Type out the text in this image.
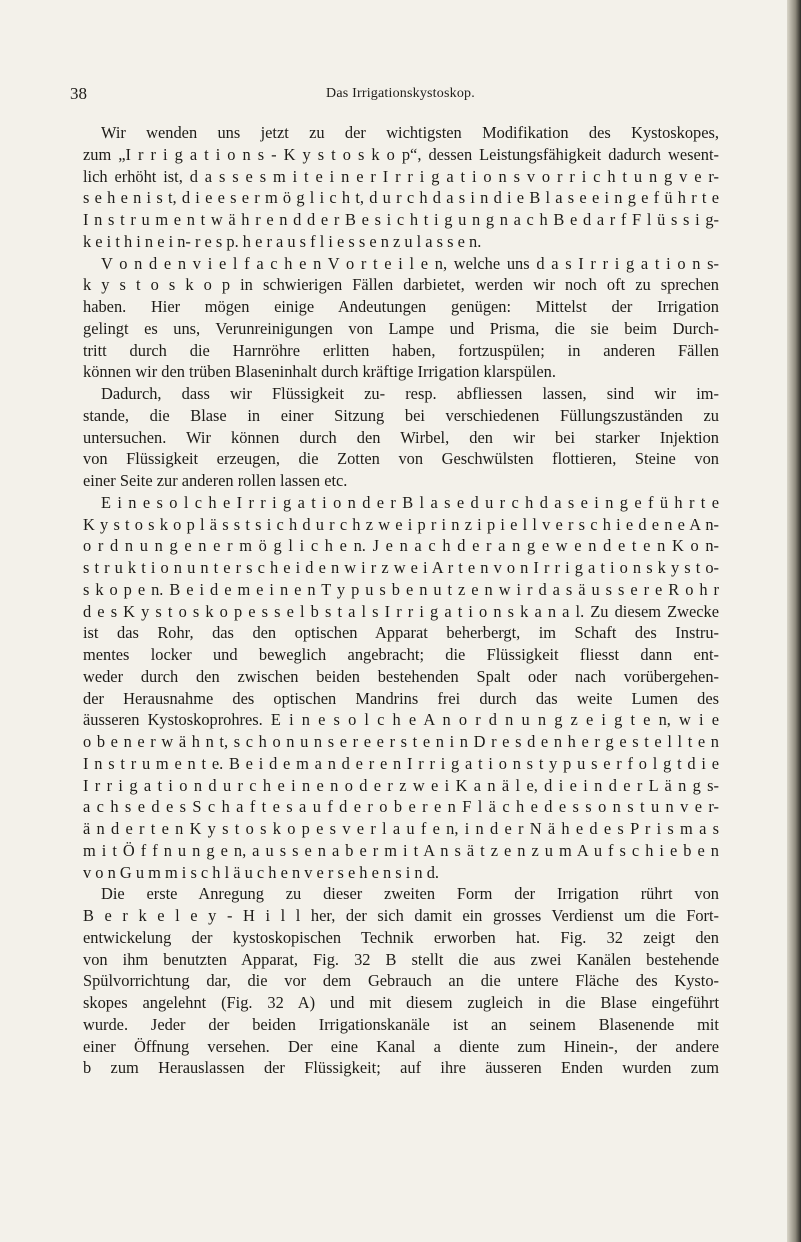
38	Das Irrigationskystoskop.
Wir wenden uns jetzt zu der wichtigsten Modifikation des Kystoskopes,
zum „I r r i g a t i o n s - K y s t o s k o p“, dessen Leistungsfähigkeit dadurch wesent-
lich erhöht ist, d a s s e s m i t e i n e r I r r i g a t i o n s v o r r i c h t u n g v e r-
s e h e n i s t, d i e e s e r m ö g l i c h t, d u r c h d a s i n d i e B l a s e e i n g e f ü h r t e
I n s t r u m e n t w ä h r e n d d e r B e s i c h t i g u n g n a c h B e d a r f F l ü s s i g-
k e i t h i n e i n- r e s p. h e r a u s f l i e s s e n z u l a s s e n.
V o n d e n v i e l f a c h e n V o r t e i l e n, welche uns d a s I r r i g a t i o n s-
k y s t o s k o p in schwierigen Fällen darbietet, werden wir noch oft zu sprechen
haben. Hier mögen einige Andeutungen genügen: Mittelst der Irrigation
gelingt es uns, Verunreinigungen von Lampe und Prisma, die sie beim Durch-
tritt durch die Harnröhre erlitten haben, fortzuspülen; in anderen Fällen
können wir den trüben Blaseninhalt durch kräftige Irrigation klarspülen.
Dadurch, dass wir Flüssigkeit zu- resp. abfliessen lassen, sind wir im-
stande, die Blase in einer Sitzung bei verschiedenen Füllungszuständen zu
untersuchen. Wir können durch den Wirbel, den wir bei starker Injektion
von Flüssigkeit erzeugen, die Zotten von Geschwülsten flottieren, Steine von
einer Seite zur anderen rollen lassen etc.
E i n e s o l c h e I r r i g a t i o n d e r B l a s e d u r c h d a s e i n g e f ü h r t e
K y s t o s k o p l ä s s t s i c h d u r c h z w e i p r i n z i p i e l l v e r s c h i e d e n e A n-
o r d n u n g e n e r m ö g l i c h e n. J e n a c h d e r a n g e w e n d e t e n K o n-
s t r u k t i o n u n t e r s c h e i d e n w i r z w e i A r t e n v o n I r r i g a t i o n s k y s t o-
s k o p e n. B e i d e m e i n e n T y p u s b e n u t z e n w i r d a s ä u s s e r e R o h r
d e s K y s t o s k o p e s s e l b s t a l s I r r i g a t i o n s k a n a l. Zu diesem Zwecke
ist das Rohr, das den optischen Apparat beherbergt, im Schaft des Instru-
mentes locker und beweglich angebracht; die Flüssigkeit fliesst dann ent-
weder durch den zwischen beiden bestehenden Spalt oder nach vorübergehen-
der Herausnahme des optischen Mandrins frei durch das weite Lumen des
äusseren Kystoskoprohres. E i n e s o l c h e A n o r d n u n g z e i g t e n, w i e
o b e n e r w ä h n t, s c h o n u n s e r e e r s t e n i n D r e s d e n h e r g e s t e l l t e n
I n s t r u m e n t e. B e i d e m a n d e r e n I r r i g a t i o n s t y p u s e r f o l g t d i e
I r r i g a t i o n d u r c h e i n e n o d e r z w e i K a n ä l e, d i e i n d e r L ä n g s-
a c h s e d e s S c h a f t e s a u f d e r o b e r e n F l ä c h e d e s s o n s t u n v e r-
ä n d e r t e n K y s t o s k o p e s v e r l a u f e n, i n d e r N ä h e d e s P r i s m a s
m i t Ö f f n u n g e n, a u s s e n a b e r m i t A n s ä t z e n z u m A u f s c h i e b e n
v o n G u m m i s c h l ä u c h e n v e r s e h e n s i n d.
Die erste Anregung zu dieser zweiten Form der Irrigation rührt von
B e r k e l e y - H i l l her, der sich damit ein grosses Verdienst um die Fort-
entwickelung der kystoskopischen Technik erworben hat. Fig. 32 zeigt den
von ihm benutzten Apparat, Fig. 32 B stellt die aus zwei Kanälen bestehende
Spülvorrichtung dar, die vor dem Gebrauch an die untere Fläche des Kysto-
skopes angelehnt (Fig. 32 A) und mit diesem zugleich in die Blase eingeführt
wurde. Jeder der beiden Irrigationskanäle ist an seinem Blasenende mit
einer Öffnung versehen. Der eine Kanal a diente zum Hinein-, der andere
b zum Herauslassen der Flüssigkeit; auf ihre äusseren Enden wurden zum
